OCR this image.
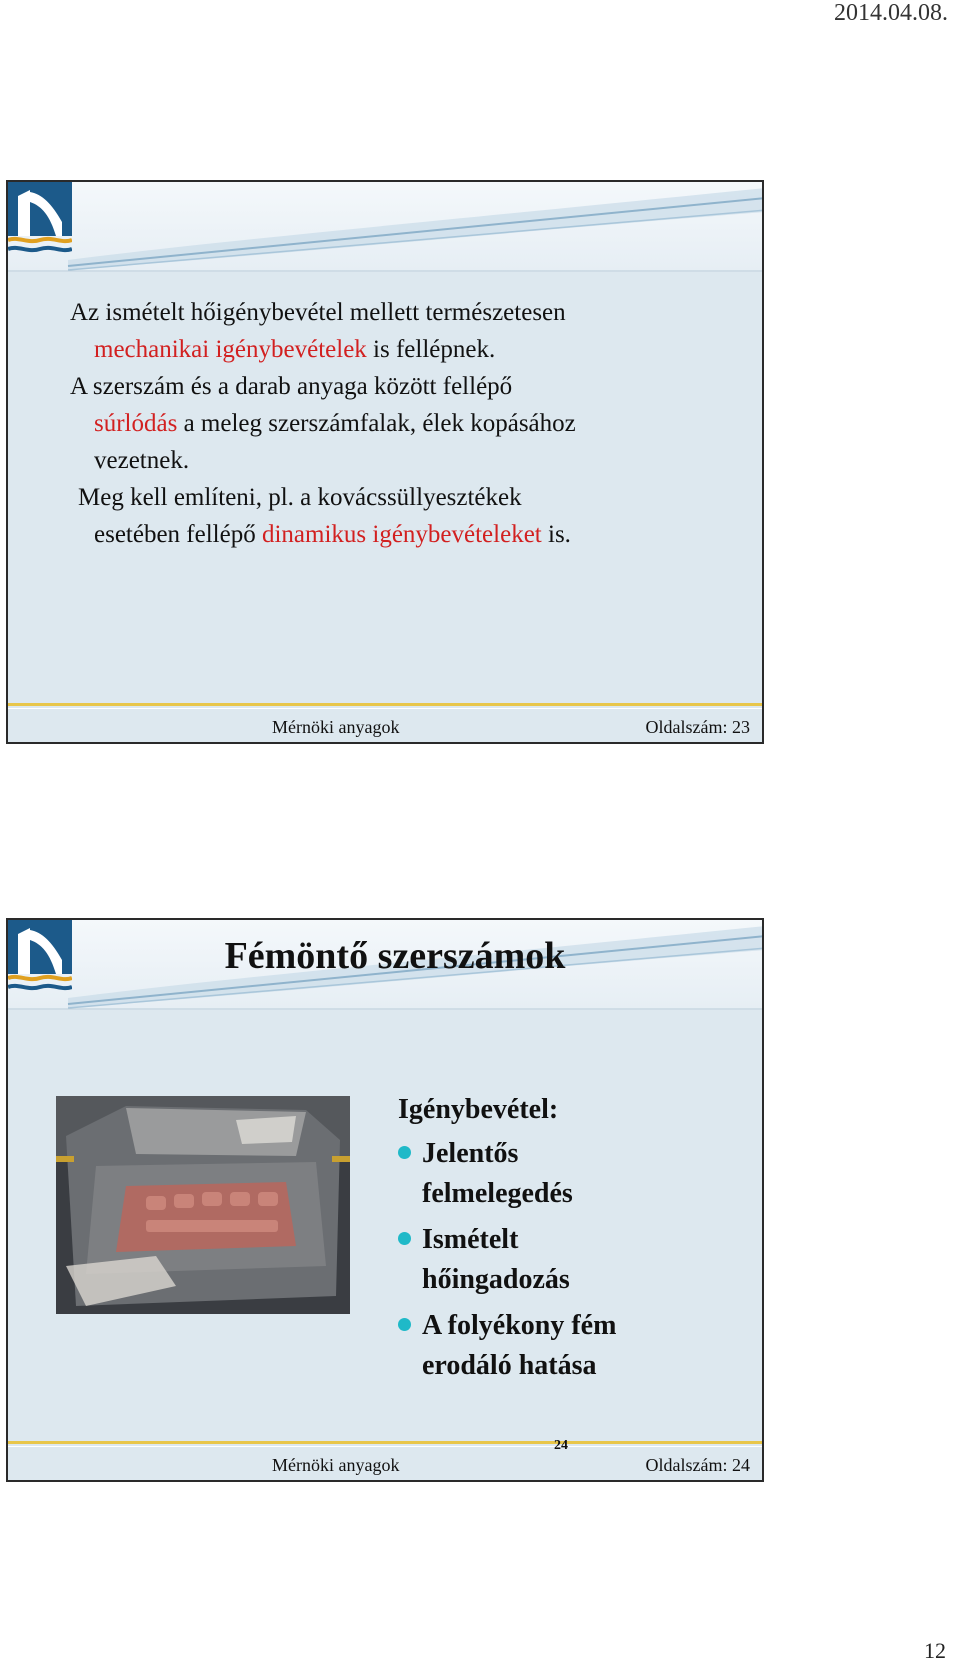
2014.04.08.
Az ismételt hőigénybevétel mellett természetesen
mechanikai igénybevételek is fellépnek.
A szerszám és a darab anyaga között fellépő
súrlódás a meleg szerszámfalak, élek kopásához
vezetnek.
Meg kell említeni, pl. a kovácssüllyesztékek
esetében fellépő dinamikus igénybevételeket is.
Mérnöki anyagok	Oldalszám: 23
Fémöntő szerszámok
Igénybevétel:
Jelentős
felmelegedés
Ismételt
hőingadozás
A folyékony fém
erodáló hatása
24
Mérnöki anyagok	Oldalszám: 24
12
